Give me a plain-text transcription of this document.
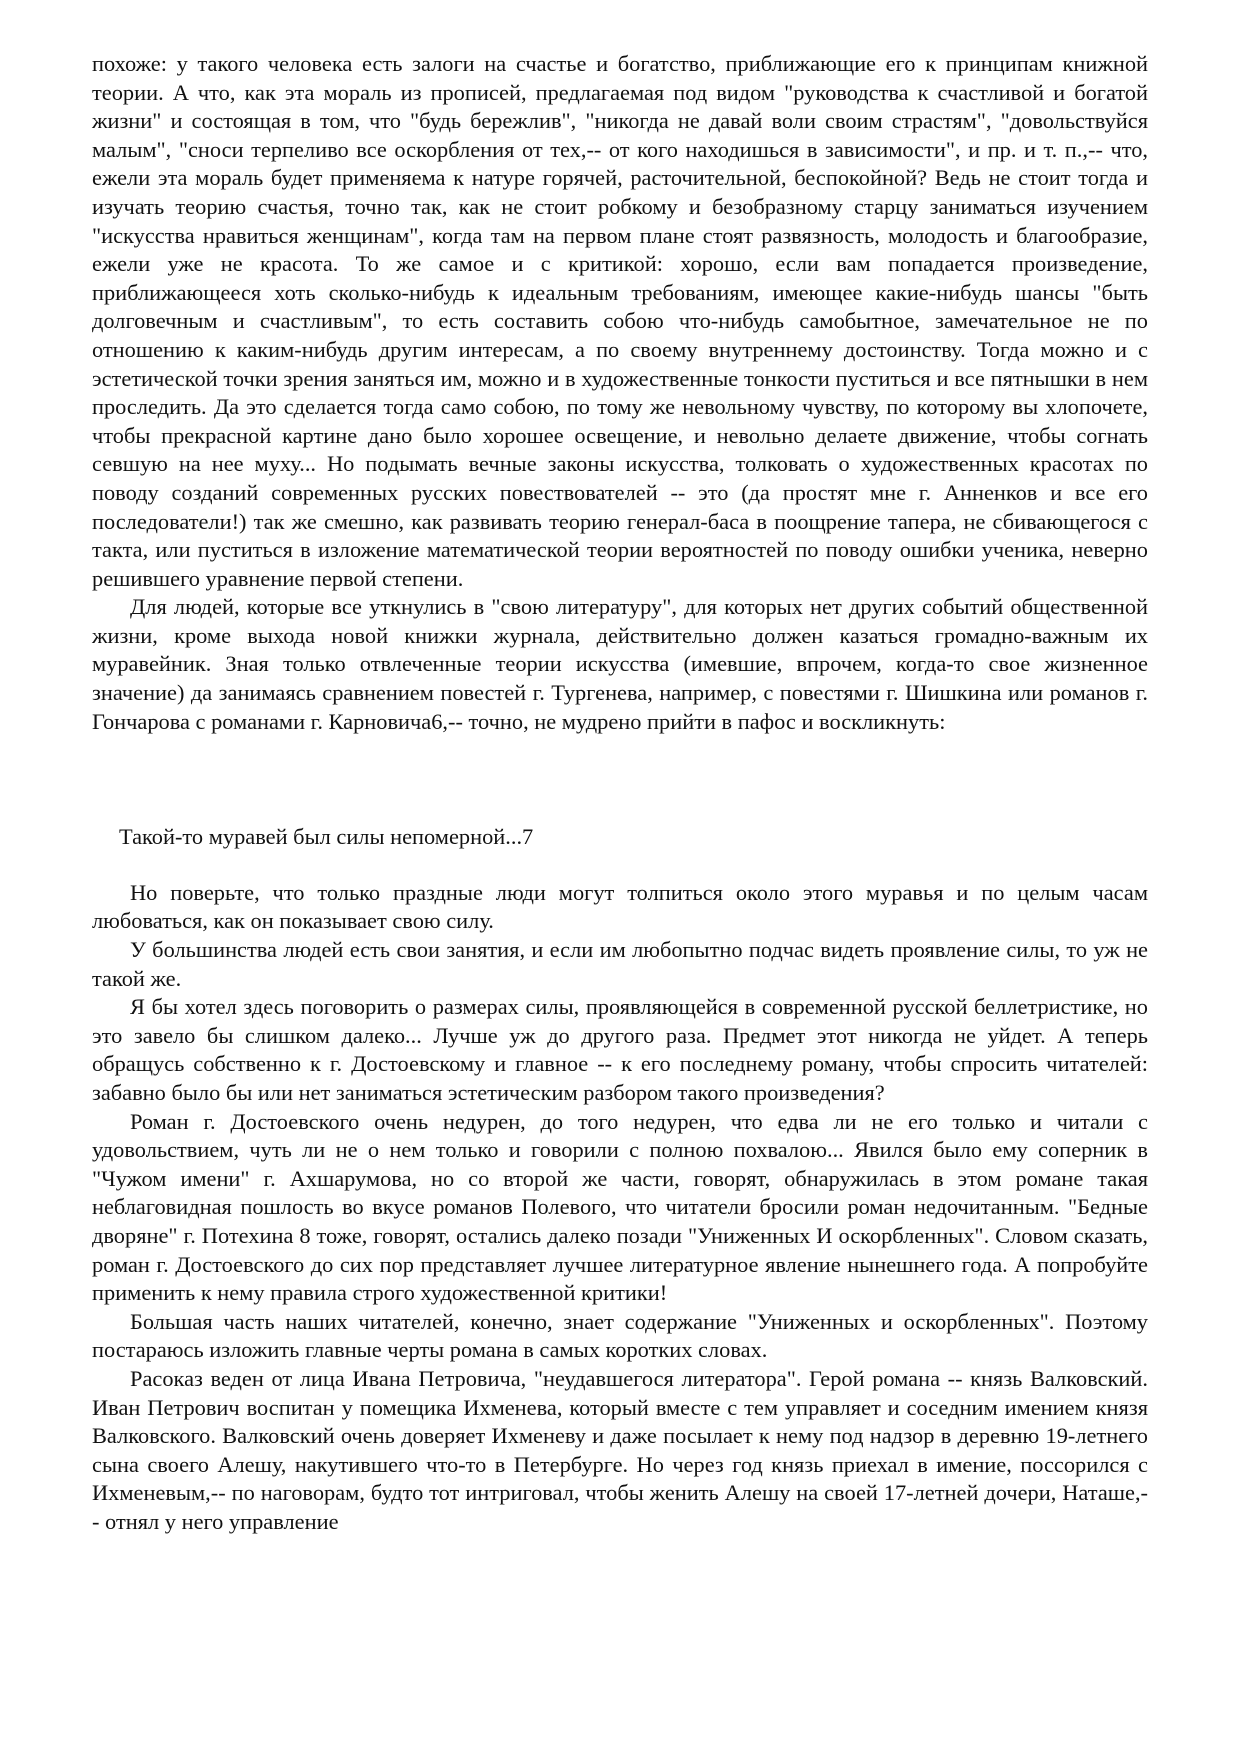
похоже: у такого человека есть залоги на счастье и богатство, приближающие его к принципам книжной теории. А что, как эта мораль из прописей, предлагаемая под видом "руководства к счастливой и богатой жизни" и состоящая в том, что "будь бережлив", "никогда не давай воли своим страстям", "довольствуйся малым", "сноси терпеливо все оскорбления от тех,-- от кого находишься в зависимости", и пр. и т. п.,-- что, ежели эта мораль будет применяема к натуре горячей, расточительной, беспокойной? Ведь не стоит тогда и изучать теорию счастья, точно так, как не стоит робкому и безобразному старцу заниматься изучением "искусства нравиться женщинам", когда там на первом плане стоят развязность, молодость и благообразие, ежели уже не красота. То же самое и с критикой: хорошо, если вам попадается произведение, приближающееся хоть сколько-нибудь к идеальным требованиям, имеющее какие-нибудь шансы "быть долговечным и счастливым", то есть составить собою что-нибудь самобытное, замечательное не по отношению к каким-нибудь другим интересам, а по своему внутреннему достоинству. Тогда можно и с эстетической точки зрения заняться им, можно и в художественные тонкости пуститься и все пятнышки в нем проследить. Да это сделается тогда само собою, по тому же невольному чувству, по которому вы хлопочете, чтобы прекрасной картине дано было хорошее освещение, и невольно делаете движение, чтобы согнать севшую на нее муху... Но подымать вечные законы искусства, толковать о художественных красотах по поводу созданий современных русских повествователей -- это (да простят мне г. Анненков и все его последователи!) так же смешно, как развивать теорию генерал-баса в поощрение тапера, не сбивающегося с такта, или пуститься в изложение математической теории вероятностей по поводу ошибки ученика, неверно решившего уравнение первой степени.

Для людей, которые все уткнулись в "свою литературу", для которых нет других событий общественной жизни, кроме выхода новой книжки журнала, действительно должен казаться громадно-важным их муравейник. Зная только отвлеченные теории искусства (имевшие, впрочем, когда-то свое жизненное значение) да занимаясь сравнением повестей г. Тургенева, например, с повестями г. Шишкина или романов г. Гончарова с романами г. Карновича6,-- точно, не мудрено прийти в пафос и воскликнуть:

Такой-то муравей был силы непомерной...7

Но поверьте, что только праздные люди могут толпиться около этого муравья и по целым часам любоваться, как он показывает свою силу.

У большинства людей есть свои занятия, и если им любопытно подчас видеть проявление силы, то уж не такой же.

Я бы хотел здесь поговорить о размерах силы, проявляющейся в современной русской беллетристике, но это завело бы слишком далеко... Лучше уж до другого раза. Предмет этот никогда не уйдет. А теперь обращусь собственно к г. Достоевскому и главное -- к его последнему роману, чтобы спросить читателей: забавно было бы или нет заниматься эстетическим разбором такого произведения?

Роман г. Достоевского очень недурен, до того недурен, что едва ли не его только и читали с удовольствием, чуть ли не о нем только и говорили с полною похвалою... Явился было ему соперник в "Чужом имени" г. Ахшарумова, но со второй же части, говорят, обнаружилась в этом романе такая неблаговидная пошлость во вкусе романов Полевого, что читатели бросили роман недочитанным. "Бедные дворяне" г. Потехина 8 тоже, говорят, остались далеко позади "Униженных И оскорбленных". Словом сказать, роман г. Достоевского до сих пор представляет лучшее литературное явление нынешнего года. А попробуйте применить к нему правила строго художественной критики!

Большая часть наших читателей, конечно, знает содержание "Униженных и оскорбленных". Поэтому постараюсь изложить главные черты романа в самых коротких словах.

Расоказ веден от лица Ивана Петровича, "неудавшегося литератора". Герой романа -- князь Валковский. Иван Петрович воспитан у помещика Ихменева, который вместе с тем управляет и соседним имением князя Валковского. Валковский очень доверяет Ихменеву и даже посылает к нему под надзор в деревню 19-летнего сына своего Алешу, накутившего что-то в Петербурге. Но через год князь приехал в имение, поссорился с Ихменевым,-- по наговорам, будто тот интриговал, чтобы женить Алешу на своей 17-летней дочери, Наташе,-- отнял у него управление
